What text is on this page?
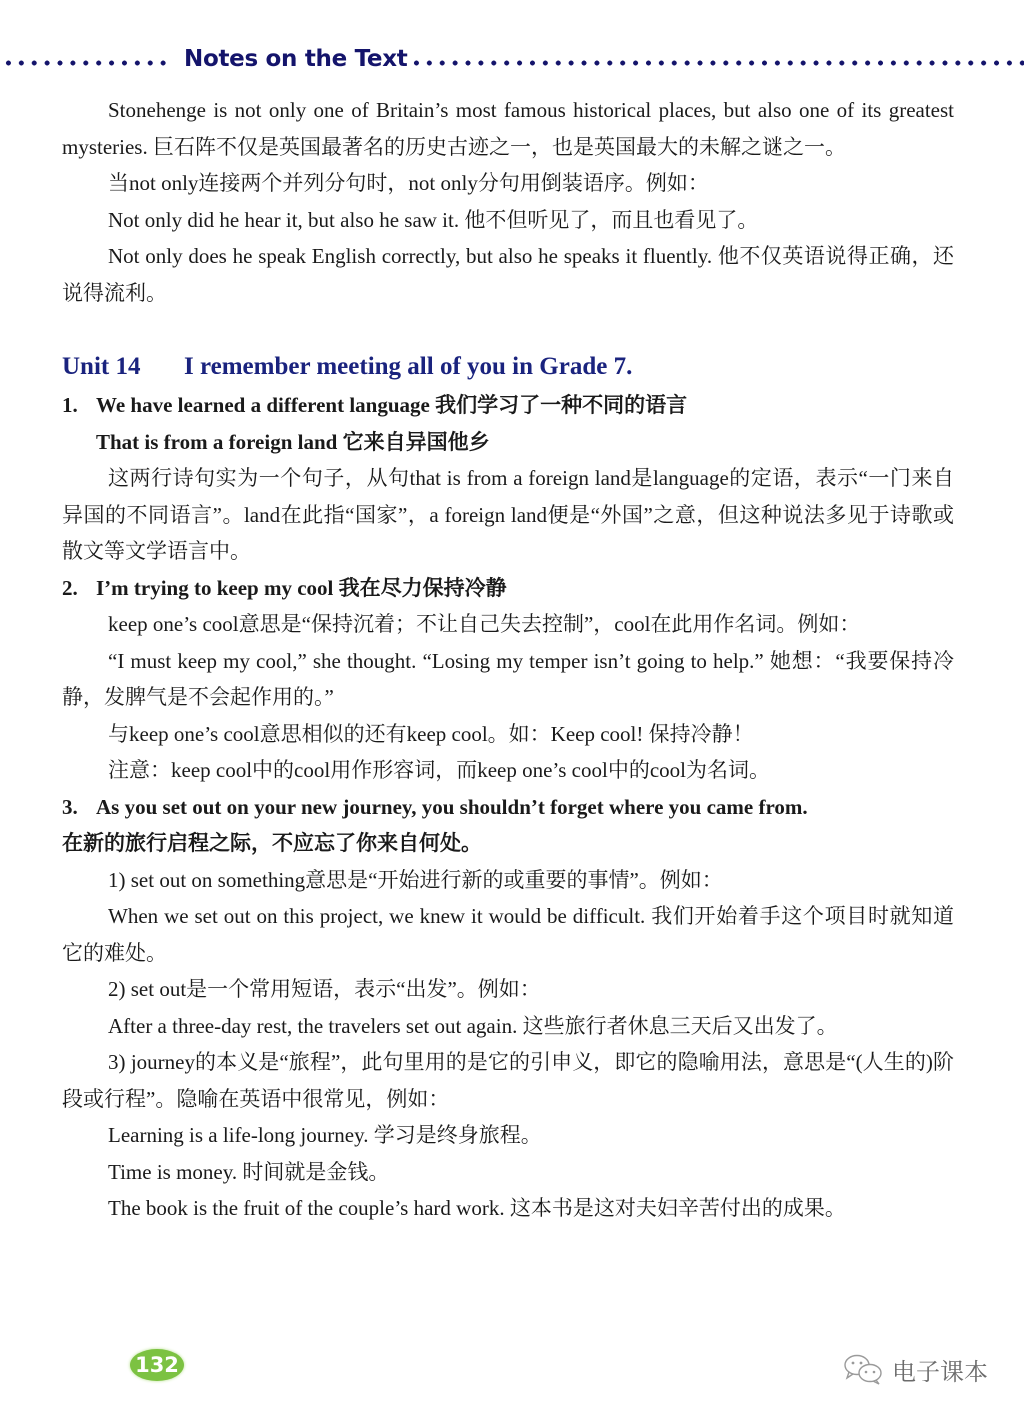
Notes on the Text

Stonehenge is not only one of Britain’s most famous historical places, but also one of its greatest mysteries. 巨石阵不仅是英国最著名的历史古迹之一，也是英国最大的未解之谜之一。

当not only连接两个并列分句时，not only分句用倒装语序。例如：

Not only did he hear it, but also he saw it. 他不但听见了，而且也看见了。

Not only does he speak English correctly, but also he speaks it fluently. 他不仅英语说得正确，还说得流利。

Unit 14 I remember meeting all of you in Grade 7.

1. We have learned a different language 我们学习了一种不同的语言

That is from a foreign land 它来自异国他乡

这两行诗句实为一个句子，从句that is from a foreign land是language的定语，表示“一门来自异国的不同语言”。land在此指“国家”，a foreign land便是“外国”之意，但这种说法多见于诗歌或散文等文学语言中。

2. I’m trying to keep my cool 我在尽力保持冷静

keep one’s cool意思是“保持沉着；不让自己失去控制”，cool在此用作名词。例如：

“I must keep my cool,” she thought. “Losing my temper isn’t going to help.” 她想：“我要保持冷静，发脾气是不会起作用的。”

与keep one’s cool意思相似的还有keep cool。如：Keep cool! 保持冷静！

注意：keep cool中的cool用作形容词，而keep one’s cool中的cool为名词。

3. As you set out on your new journey, you shouldn’t forget where you came from.

在新的旅行启程之际，不应忘了你来自何处。

1) set out on something意思是“开始进行新的或重要的事情”。例如：

When we set out on this project, we knew it would be difficult. 我们开始着手这个项目时就知道它的难处。

2) set out是一个常用短语，表示“出发”。例如：

After a three-day rest, the travelers set out again. 这些旅行者休息三天后又出发了。

3) journey的本义是“旅程”，此句里用的是它的引申义，即它的隐喻用法，意思是“(人生的)阶段或行程”。隐喻在英语中很常见，例如：

Learning is a life-long journey. 学习是终身旅程。

Time is money. 时间就是金钱。

The book is the fruit of the couple’s hard work. 这本书是这对夫妇辛苦付出的成果。

132	电子课本
